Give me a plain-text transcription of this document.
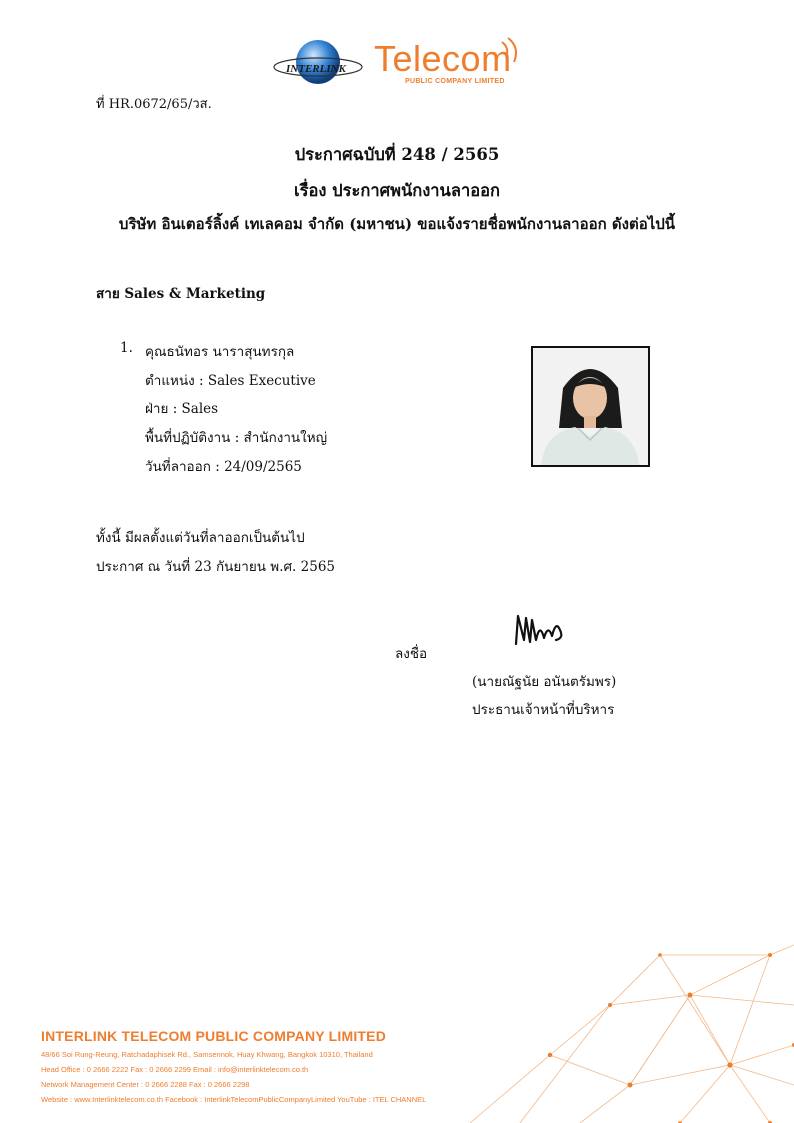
INTERLINK Telecom
PUBLIC COMPANY LIMITED
ที่ HR.0672/65/วส.
ประกาศฉบับที่ 248 / 2565
เรื่อง ประกาศพนักงานลาออก
บริษัท อินเตอร์ลิ้งค์ เทเลคอม จำกัด (มหาชน) ขอแจ้งรายชื่อพนักงานลาออก ดังต่อไปนี้
สาย Sales & Marketing
1. คุณธนัทอร นาราสุนทรกุล
ตำแหน่ง : Sales Executive
ฝ่าย : Sales
พื้นที่ปฏิบัติงาน : สำนักงานใหญ่
วันที่ลาออก : 24/09/2565
ทั้งนี้ มีผลตั้งแต่วันที่ลาออกเป็นต้นไป
ประกาศ ณ วันที่ 23 กันยายน พ.ศ. 2565
ลงชื่อ
(นายณัฐนัย อนันตรัมพร)
ประธานเจ้าหน้าที่บริหาร
INTERLINK TELECOM PUBLIC COMPANY LIMITED
48/66 Soi Rung-Reung, Ratchadaphisek Rd., Samsennok, Huay Khwang, Bangkok 10310, Thailand
Head Office : 0 2666 2222 Fax : 0 2666 2299 Email : info@interlinktelecom.co.th
Network Management Center : 0 2666 2288 Fax : 0 2666 2298
Website : www.Interlinktelecom.co.th Facebook : InterlinkTelecomPublicCompanyLimited YouTube : ITEL CHANNEL
